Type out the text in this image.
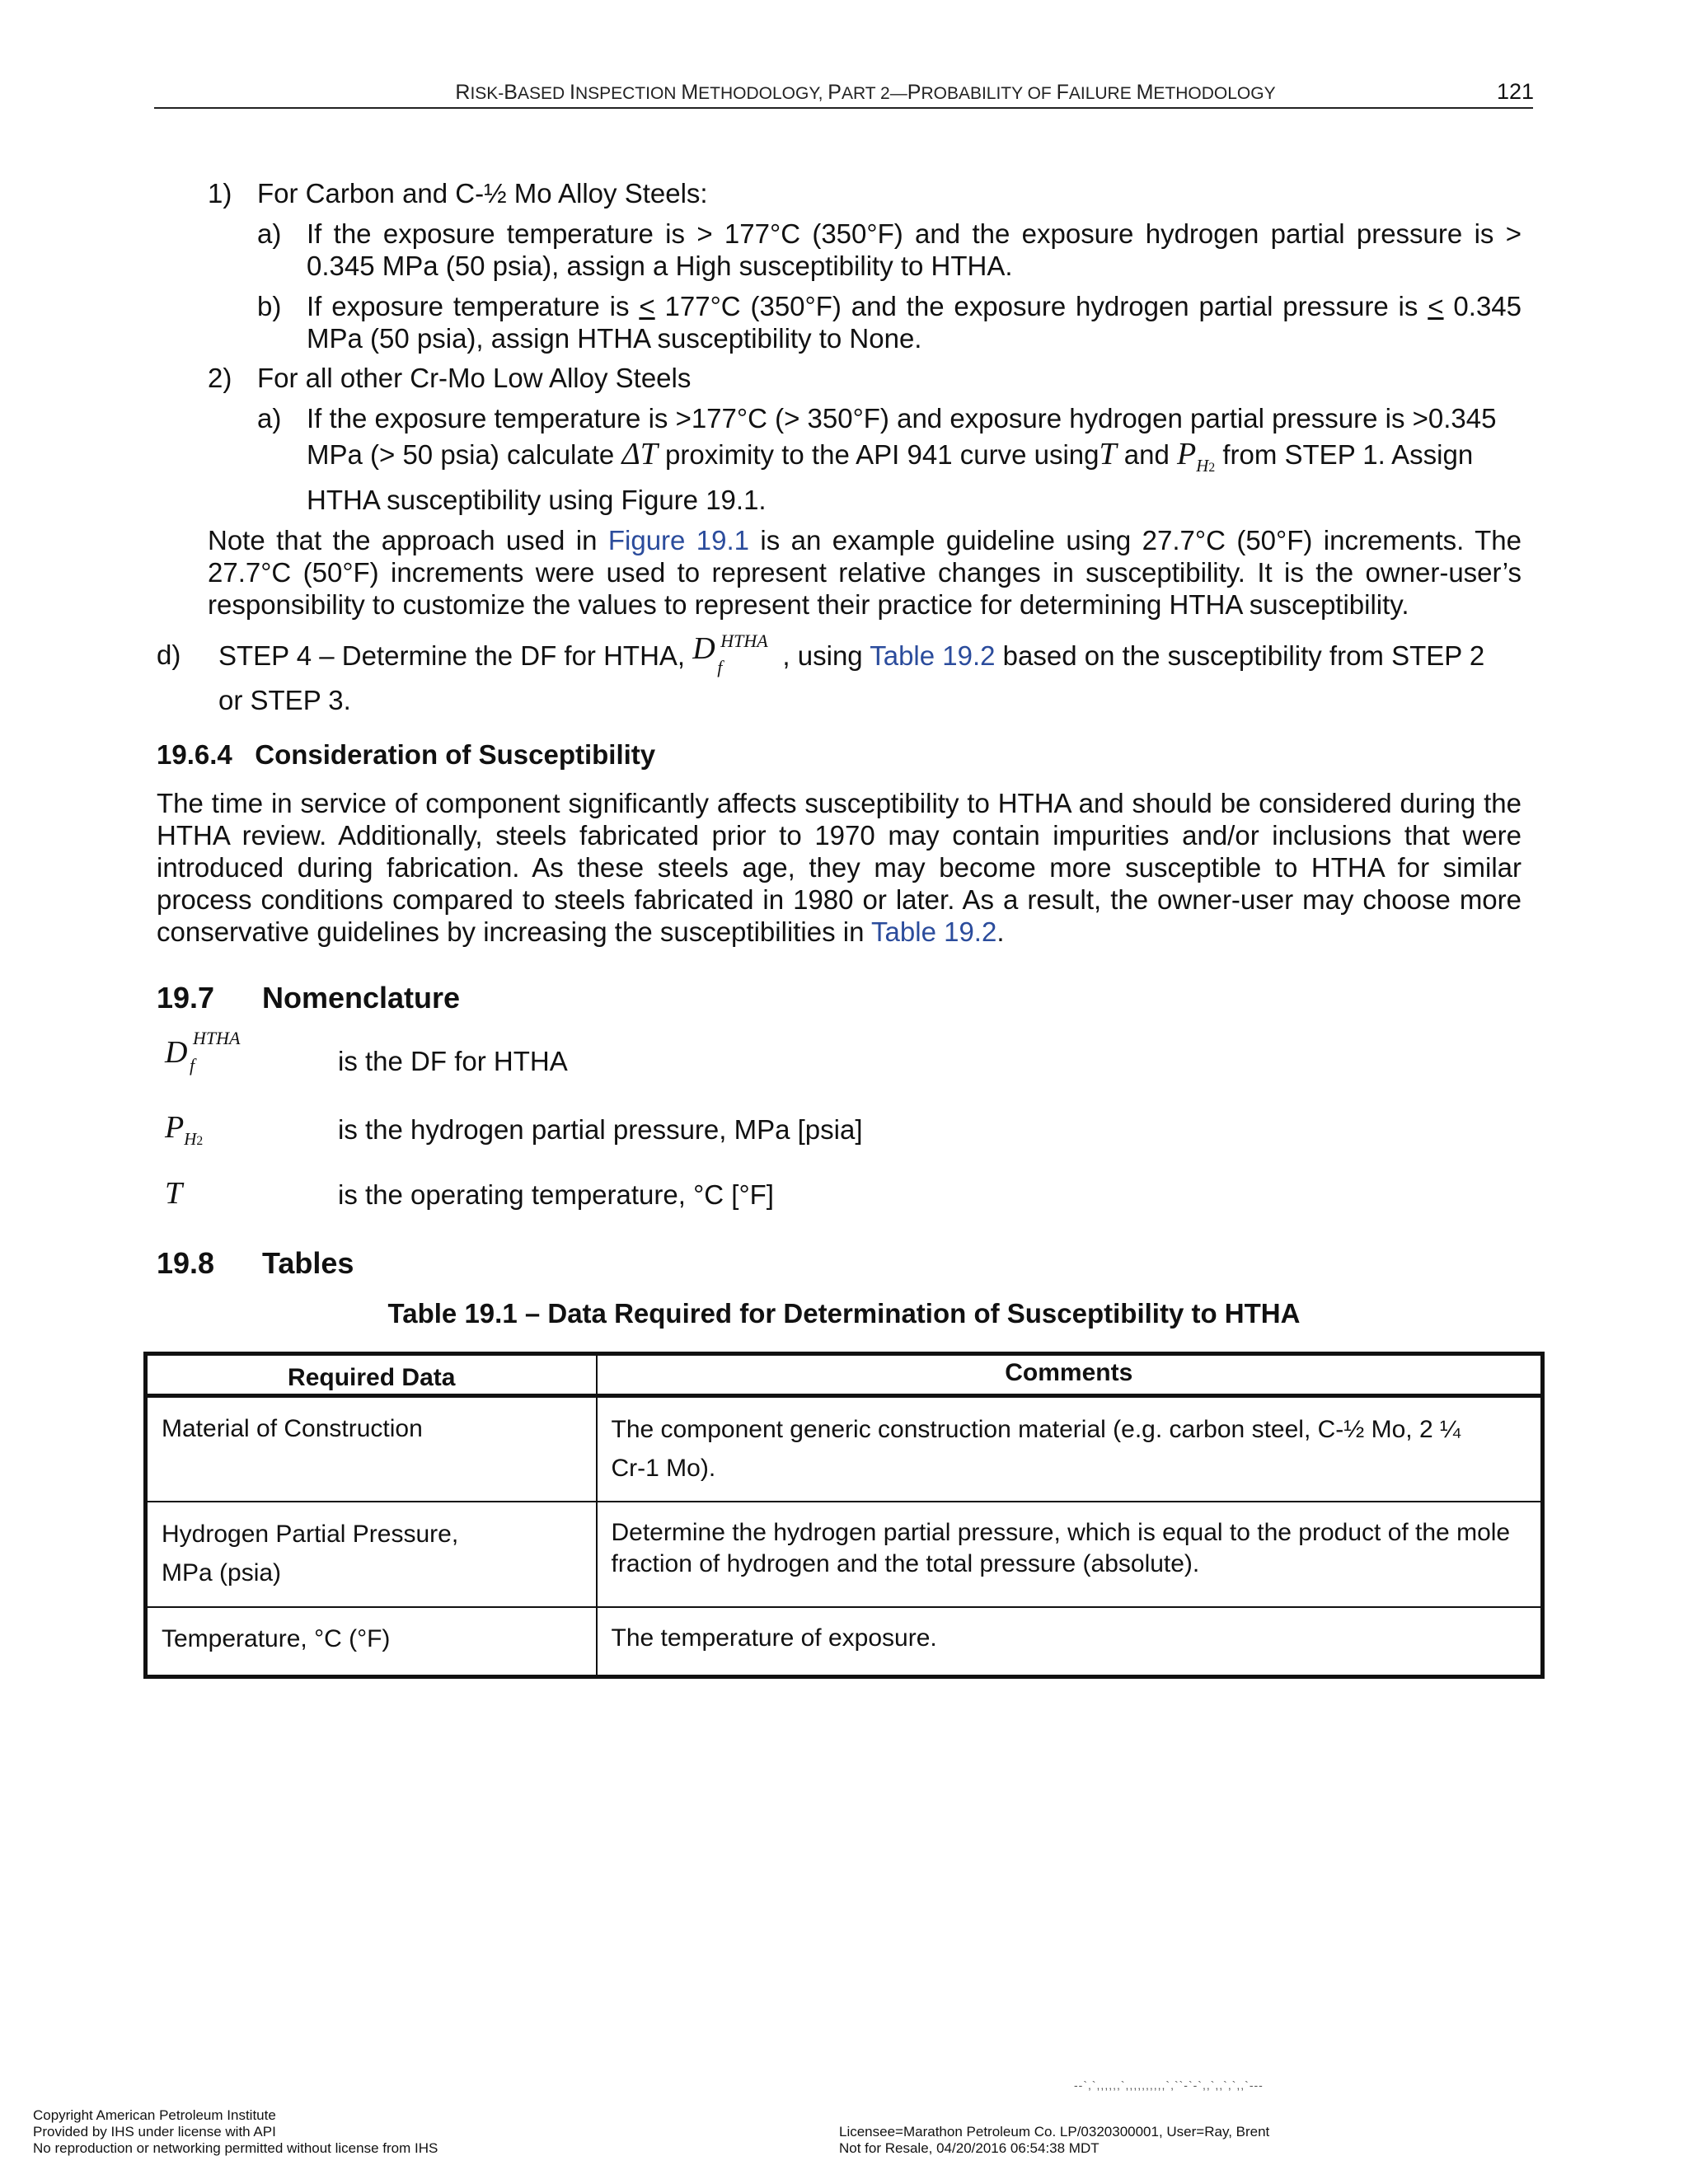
RISK-BASED INSPECTION METHODOLOGY, PART 2—PROBABILITY OF FAILURE METHODOLOGY	121
1) For Carbon and C-½ Mo Alloy Steels:
a) If the exposure temperature is > 177°C (350°F) and the exposure hydrogen partial pressure is > 0.345 MPa (50 psia), assign a High susceptibility to HTHA.
b) If exposure temperature is < 177°C (350°F) and the exposure hydrogen partial pressure is < 0.345 MPa (50 psia), assign HTHA susceptibility to None.
2) For all other Cr-Mo Low Alloy Steels
a) If the exposure temperature is >177°C (> 350°F) and exposure hydrogen partial pressure is >0.345
MPa (> 50 psia) calculate ΔT proximity to the API 941 curve usingT and $P_{H2}$ from STEP 1. Assign
HTHA susceptibility using Figure 19.1.
Note that the approach used in Figure 19.1 is an example guideline using 27.7°C (50°F) increments. The 27.7°C (50°F) increments were used to represent relative changes in susceptibility. It is the owner-user’s responsibility to customize the values to represent their practice for determining HTHA susceptibility.
d) STEP 4 – Determine the DF for HTHA, D HTHA
f , using Table 19.2 based on the susceptibility from STEP 2
or STEP 3.
19.6.4   Consideration of Susceptibility
The time in service of component significantly affects susceptibility to HTHA and should be considered during the HTHA review. Additionally, steels fabricated prior to 1970 may contain impurities and/or inclusions that were introduced during fabrication. As these steels age, they may become more susceptible to HTHA for similar process conditions compared to steels fabricated in 1980 or later. As a result, the owner-user may choose more conservative guidelines by increasing the susceptibilities in Table 19.2.
19.7 Nomenclature
D HTHA
f	is the DF for HTHA
$P_{H2}$	is the hydrogen partial pressure, MPa [psia]
T	is the operating temperature, °C [°F]
19.8 Tables
Table 19.1 – Data Required for Determination of Susceptibility to HTHA
Required Data	Comments

Material of Construction	The component generic construction material (e.g. carbon steel, C-½ Mo, 2 ¼
Cr-1 Mo).

Hydrogen Partial Pressure,
MPa (psia)	Determine the hydrogen partial pressure, which is equal to the product of the mole fraction of hydrogen and the total pressure (absolute).

Temperature, °C (°F)	The temperature of exposure.
--`,`,,,,,,`,,,,,,,,,,`,``-`-`,,`,,`,`,,`---
Copyright American Petroleum Institute
Provided by IHS under license with API
No reproduction or networking permitted without license from IHS
Licensee=Marathon Petroleum Co. LP/0320300001, User=Ray, Brent
Not for Resale, 04/20/2016 06:54:38 MDT
